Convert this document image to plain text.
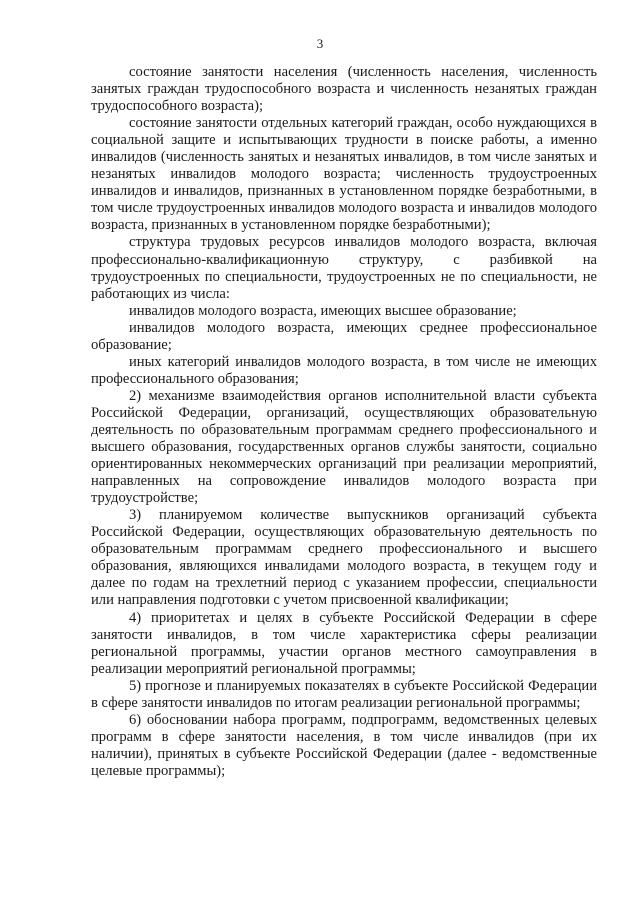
3

состояние занятости населения (численность населения, численность занятых граждан трудоспособного возраста и численность незанятых граждан трудоспособного возраста);

состояние занятости отдельных категорий граждан, особо нуждающихся в социальной защите и испытывающих трудности в поиске работы, а именно инвалидов (численность занятых и незанятых инвалидов, в том числе занятых и незанятых инвалидов молодого возраста; численность трудоустроенных инвалидов и инвалидов, признанных в установленном порядке безработными, в том числе трудоустроенных инвалидов молодого возраста и инвалидов молодого возраста, признанных в установленном порядке безработными);

структура трудовых ресурсов инвалидов молодого возраста, включая профессионально-квалификационную структуру, с разбивкой на трудоустроенных по специальности, трудоустроенных не по специальности, не работающих из числа:

инвалидов молодого возраста, имеющих высшее образование;

инвалидов молодого возраста, имеющих среднее профессиональное образование;

иных категорий инвалидов молодого возраста, в том числе не имеющих профессионального образования;

2) механизме взаимодействия органов исполнительной власти субъекта Российской Федерации, организаций, осуществляющих образовательную деятельность по образовательным программам среднего профессионального и высшего образования, государственных органов службы занятости, социально ориентированных некоммерческих организаций при реализации мероприятий, направленных на сопровождение инвалидов молодого возраста при трудоустройстве;

3) планируемом количестве выпускников организаций субъекта Российской Федерации, осуществляющих образовательную деятельность по образовательным программам среднего профессионального и высшего образования, являющихся инвалидами молодого возраста, в текущем году и далее по годам на трехлетний период с указанием профессии, специальности или направления подготовки с учетом присвоенной квалификации;

4) приоритетах и целях в субъекте Российской Федерации в сфере занятости инвалидов, в том числе характеристика сферы реализации региональной программы, участии органов местного самоуправления в реализации мероприятий региональной программы;

5) прогнозе и планируемых показателях в субъекте Российской Федерации в сфере занятости инвалидов по итогам реализации региональной программы;

6) обосновании набора программ, подпрограмм, ведомственных целевых программ в сфере занятости населения, в том числе инвалидов (при их наличии), принятых в субъекте Российской Федерации (далее - ведомственные целевые программы);
